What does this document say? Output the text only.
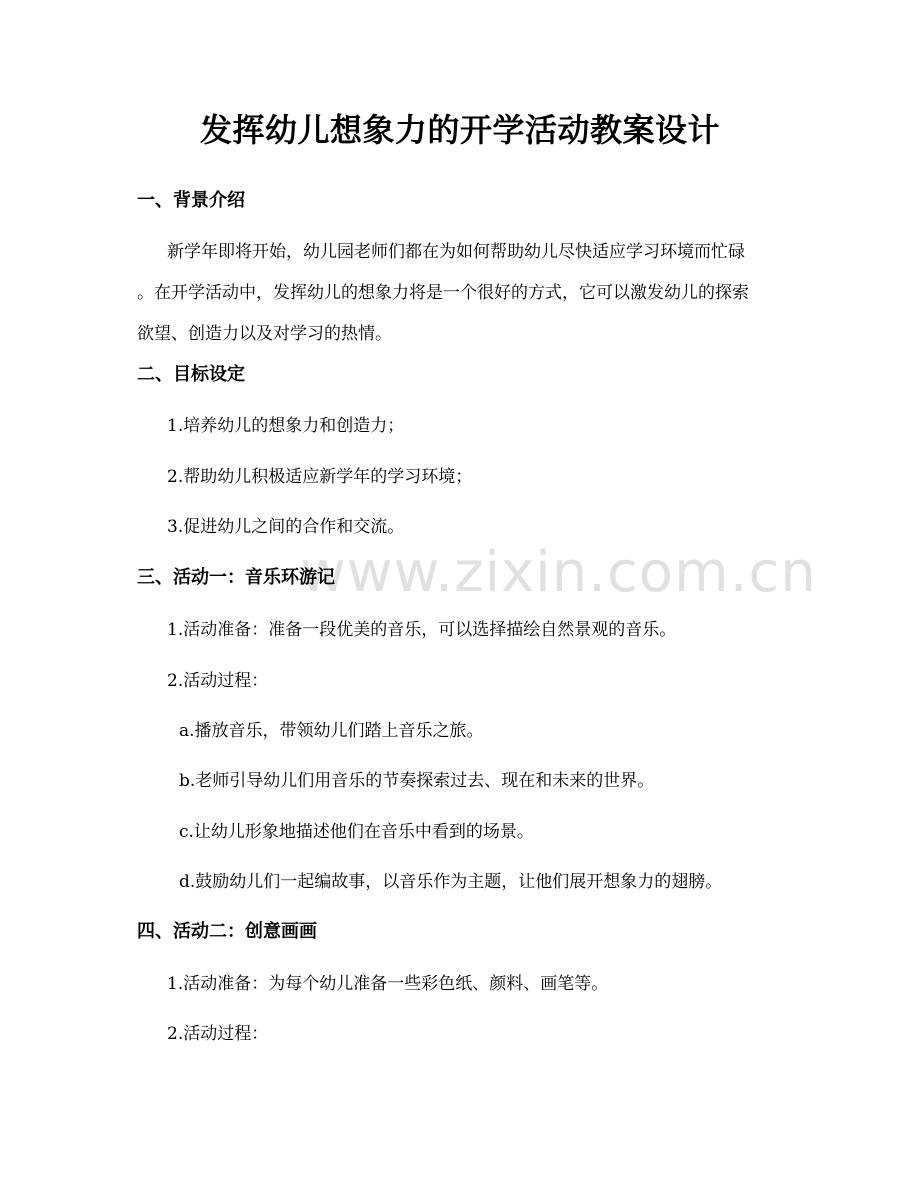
www.zixin.com.cn
发挥幼儿想象力的开学活动教案设计
一、背景介绍
新学年即将开始，幼儿园老师们都在为如何帮助幼儿尽快适应学习环境而忙碌
。在开学活动中，发挥幼儿的想象力将是一个很好的方式，它可以激发幼儿的探索
欲望、创造力以及对学习的热情。
二、目标设定
1.培养幼儿的想象力和创造力；
2.帮助幼儿积极适应新学年的学习环境；
3.促进幼儿之间的合作和交流。
三、活动一：音乐环游记
1.活动准备：准备一段优美的音乐，可以选择描绘自然景观的音乐。
2.活动过程：
a.播放音乐，带领幼儿们踏上音乐之旅。
b.老师引导幼儿们用音乐的节奏探索过去、现在和未来的世界。
c.让幼儿形象地描述他们在音乐中看到的场景。
d.鼓励幼儿们一起编故事，以音乐作为主题，让他们展开想象力的翅膀。
四、活动二：创意画画
1.活动准备：为每个幼儿准备一些彩色纸、颜料、画笔等。
2.活动过程：
